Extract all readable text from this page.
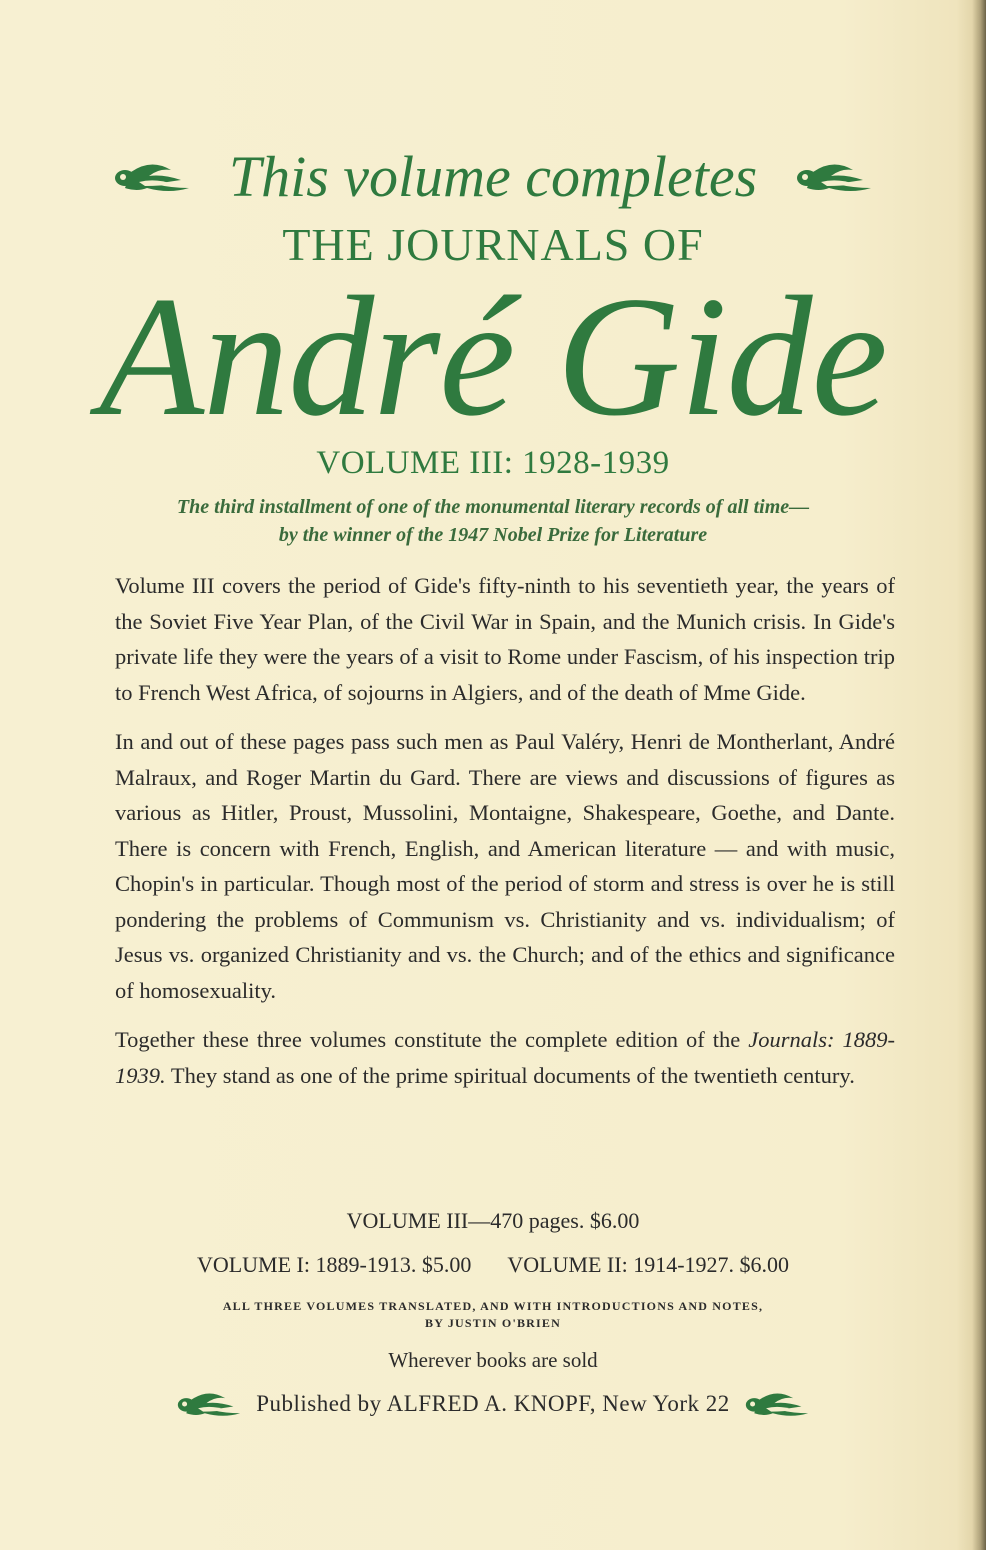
This volume completes
THE JOURNALS OF
André Gide
VOLUME III: 1928-1939
The third installment of one of the monumental literary records of all time—
by the winner of the 1947 Nobel Prize for Literature

Volume III covers the period of Gide's fifty-ninth to his seventieth year, the years of the Soviet Five Year Plan, of the Civil War in Spain, and the Munich crisis. In Gide's private life they were the years of a visit to Rome under Fascism, of his inspection trip to French West Africa, of sojourns in Algiers, and of the death of Mme Gide.

In and out of these pages pass such men as Paul Valéry, Henri de Montherlant, André Malraux, and Roger Martin du Gard. There are views and discussions of figures as various as Hitler, Proust, Mussolini, Montaigne, Shakespeare, Goethe, and Dante. There is concern with French, English, and American literature — and with music, Chopin's in particular. Though most of the period of storm and stress is over he is still pondering the problems of Communism vs. Christianity and vs. individualism; of Jesus vs. organized Christianity and vs. the Church; and of the ethics and significance of homosexuality.

Together these three volumes constitute the complete edition of the Journals: 1889-1939. They stand as one of the prime spiritual documents of the twentieth century.

VOLUME III—470 pages. $6.00
VOLUME I: 1889-1913. $5.00 VOLUME II: 1914-1927. $6.00
ALL THREE VOLUMES TRANSLATED, AND WITH INTRODUCTIONS AND NOTES,
BY JUSTIN O'BRIEN
Wherever books are sold
Published by ALFRED A. KNOPF, New York 22
